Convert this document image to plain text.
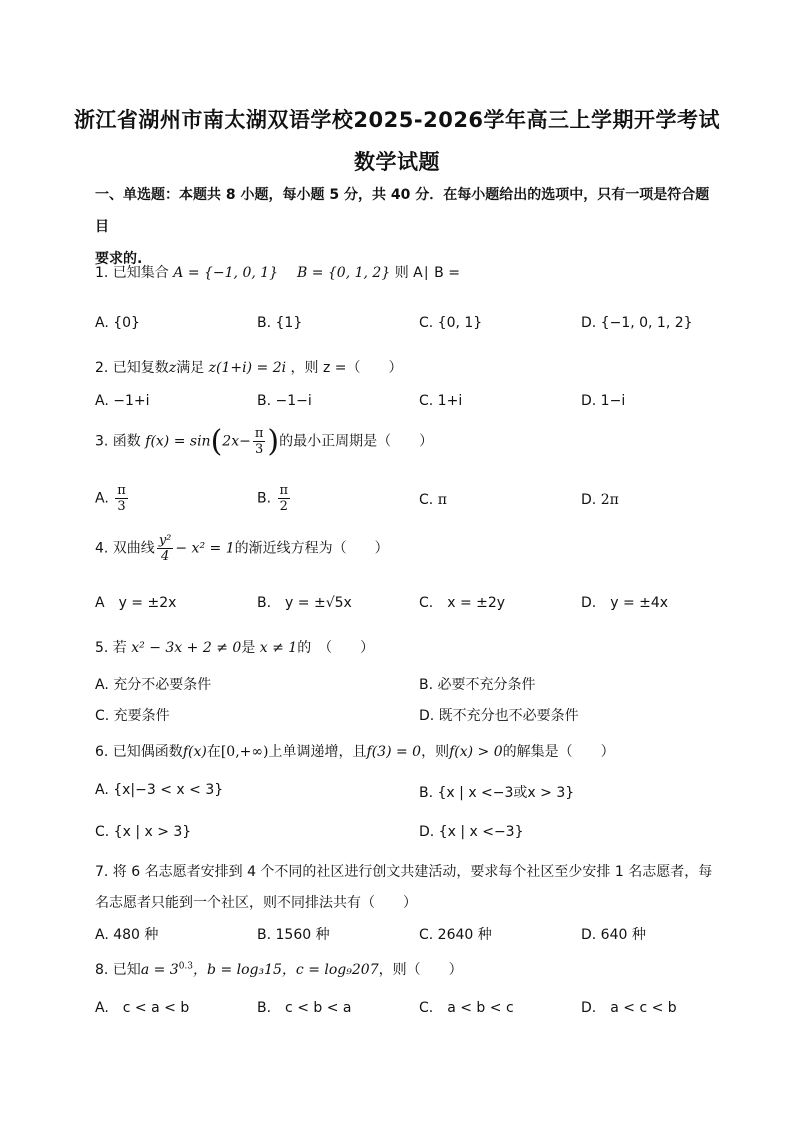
浙江省湖州市南太湖双语学校2025-2026学年高三上学期开学考试
数学试题
一、单选题：本题共 8 小题，每小题 5 分，共 40 分．在每小题给出的选项中，只有一项是符合题目
要求的.
1. 已知集合 A = {−1, 0, 1} B = {0, 1, 2} 则 A∣ B =
A. {0}	B. {1}	C. {0, 1}	D. {−1, 0, 1, 2}
2. 已知复数z满足 z(1+i) = 2i ，则 z =（　　）
A. −1+i	B. −1−i	C. 1+i	D. 1−i
3. 函数 $f(x) = \sin(2x- \frac{\pi}{3}$ )的最小正周期是（　　）
A. $\frac{\pi}{3}$	B. $\frac{\pi}{2}$	C. π	D. 2π
4. 双曲线 $\frac{\text{y²}}{4} - x^2 = 1$的渐近线方程为（　　）
A　y = ±2x	B.　y = ±√5x	C.　x = ±2y	D.　y = ±4x
5. 若 x² − 3x + 2 ≠ 0是 x ≠ 1的　（　　）
A. 充分不必要条件	B. 必要不充分条件
C. 充要条件	D. 既不充分也不必要条件
6. 已知偶函数f(x)在[0,+∞)上单调递增，且f(3) = 0，则f(x) > 0的解集是（　　）
A. {x|−3 < x < 3}	B. {x | x <−3或x > 3}
C. {x | x > 3}	D. {x | x <−3}
7. 将 6 名志愿者安排到 4 个不同的社区进行创文共建活动，要求每个社区至少安排 1 名志愿者，每
名志愿者只能到一个社区，则不同排法共有（　　）
A. 480 种	B. 1560 种	C. 2640 种	D. 640 种
8. 已知$a = 3^{0.3}$，b = log₃15，c = log₉207，则（　　）
A.　c < a < b	B.　c < b < a	C.　a < b < c	D.　a < c < b
